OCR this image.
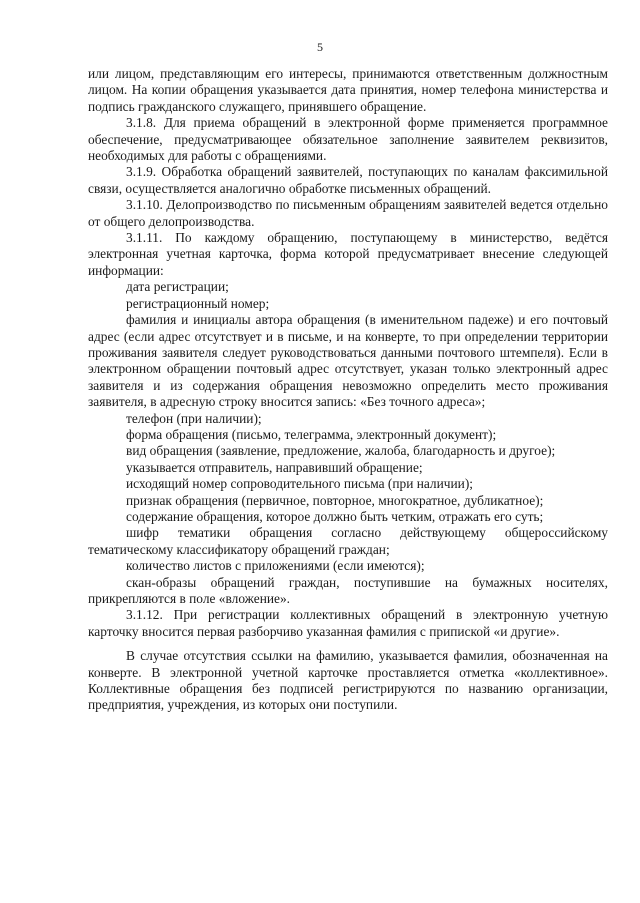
5

или лицом, представляющим его интересы, принимаются ответственным должностным лицом. На копии обращения указывается дата принятия, номер телефона министерства и подпись гражданского служащего, принявшего обращение.

3.1.8. Для приема обращений в электронной форме применяется программное обеспечение, предусматривающее обязательное заполнение заявителем реквизитов, необходимых для работы с обращениями.

3.1.9. Обработка обращений заявителей, поступающих по каналам факсимильной связи, осуществляется аналогично обработке письменных обращений.

3.1.10. Делопроизводство по письменным обращениям заявителей ведется отдельно от общего делопроизводства.

3.1.11. По каждому обращению, поступающему в министерство, ведётся электронная учетная карточка, форма которой предусматривает внесение следующей информации:

дата регистрации;

регистрационный номер;

фамилия и инициалы автора обращения (в именительном падеже) и его почтовый адрес (если адрес отсутствует и в письме, и на конверте, то при определении территории проживания заявителя следует руководствоваться данными почтового штемпеля). Если в электронном обращении почтовый адрес отсутствует, указан только электронный адрес заявителя и из содержания обращения невозможно определить место проживания заявителя, в адресную строку вносится запись: «Без точного адреса»;

телефон (при наличии);

форма обращения (письмо, телеграмма, электронный документ);

вид обращения (заявление, предложение, жалоба, благодарность и другое);

указывается отправитель, направивший обращение;

исходящий номер сопроводительного письма (при наличии);

признак обращения (первичное, повторное, многократное, дубликатное);

содержание обращения, которое должно быть четким, отражать его суть;

шифр тематики обращения согласно действующему общероссийскому тематическому классификатору обращений граждан;

количество листов с приложениями (если имеются);

скан-образы обращений граждан, поступившие на бумажных носителях, прикрепляются в поле «вложение».

3.1.12. При регистрации коллективных обращений в электронную учетную карточку вносится первая разборчиво указанная фамилия с припиской «и другие».

В случае отсутствия ссылки на фамилию, указывается фамилия, обозначенная на конверте. В электронной учетной карточке проставляется отметка «коллективное». Коллективные обращения без подписей регистрируются по названию организации, предприятия, учреждения, из которых они поступили.
